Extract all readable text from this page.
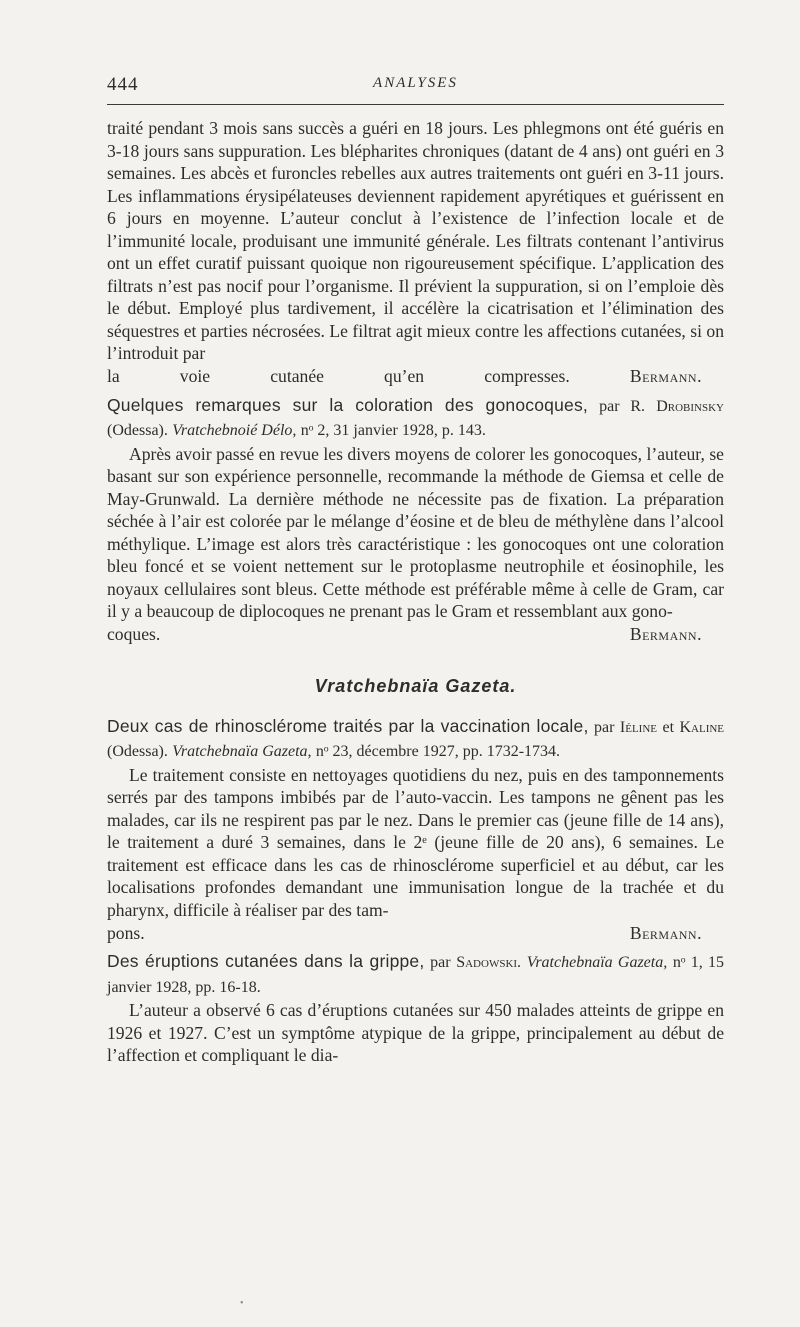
444	ANALYSES

traité pendant 3 mois sans succès a guéri en 18 jours. Les phlegmons ont été guéris en 3-18 jours sans suppuration. Les blépharites chroniques (datant de 4 ans) ont guéri en 3 semaines. Les abcès et furoncles rebelles aux autres traitements ont guéri en 3-11 jours. Les inflammations érysipélateuses deviennent rapidement apyrétiques et guérissent en 6 jours en moyenne. L’auteur conclut à l’existence de l’infection locale et de l’immunité locale, produisant une immunité générale. Les filtrats contenant l’antivirus ont un effet curatif puissant quoique non rigoureusement spécifique. L’application des filtrats n’est pas nocif pour l’organisme. Il prévient la suppuration, si on l’emploie dès le début. Employé plus tardivement, il accélère la cicatrisation et l’élimination des séquestres et parties nécrosées. Le filtrat agit mieux contre les affections cutanées, si on l’introduit par

la voie cutanée qu’en compresses.	Bermann.

Quelques remarques sur la coloration des gonocoques, par R. Drobinsky (Odessa). Vratchebnoié Délo, nᵒ 2, 31 janvier 1928, p. 143.

Après avoir passé en revue les divers moyens de colorer les gonocoques, l’auteur, se basant sur son expérience personnelle, recommande la méthode de Giemsa et celle de May-Grunwald. La dernière méthode ne nécessite pas de fixation. La préparation séchée à l’air est colorée par le mélange d’éosine et de bleu de méthylène dans l’alcool méthylique. L’image est alors très caractéristique : les gonocoques ont une coloration bleu foncé et se voient nettement sur le protoplasme neutrophile et éosinophile, les noyaux cellulaires sont bleus. Cette méthode est préférable même à celle de Gram, car il y a beaucoup de diplocoques ne prenant pas le Gram et ressemblant aux gono-

coques.	Bermann.

Vratchebnaïa Gazeta.

Deux cas de rhinosclérome traités par la vaccination locale, par Iéline et Kaline (Odessa). Vratchebnaïa Gazeta, nᵒ 23, décembre 1927, pp. 1732-1734.

Le traitement consiste en nettoyages quotidiens du nez, puis en des tamponnements serrés par des tampons imbibés par de l’auto-vaccin. Les tampons ne gênent pas les malades, car ils ne respirent pas par le nez. Dans le premier cas (jeune fille de 14 ans), le traitement a duré 3 semaines, dans le 2ᵉ (jeune fille de 20 ans), 6 semaines. Le traitement est efficace dans les cas de rhinosclérome superficiel et au début, car les localisations profondes demandant une immunisation longue de la trachée et du pharynx, difficile à réaliser par des tam-

pons.	Bermann.

Des éruptions cutanées dans la grippe, par Sadowski. Vratchebnaïa Gazeta, nᵒ 1, 15 janvier 1928, pp. 16-18.

L’auteur a observé 6 cas d’éruptions cutanées sur 450 malades atteints de grippe en 1926 et 1927. C’est un symptôme atypique de la grippe, principalement au début de l’affection et compliquant le dia-

•
